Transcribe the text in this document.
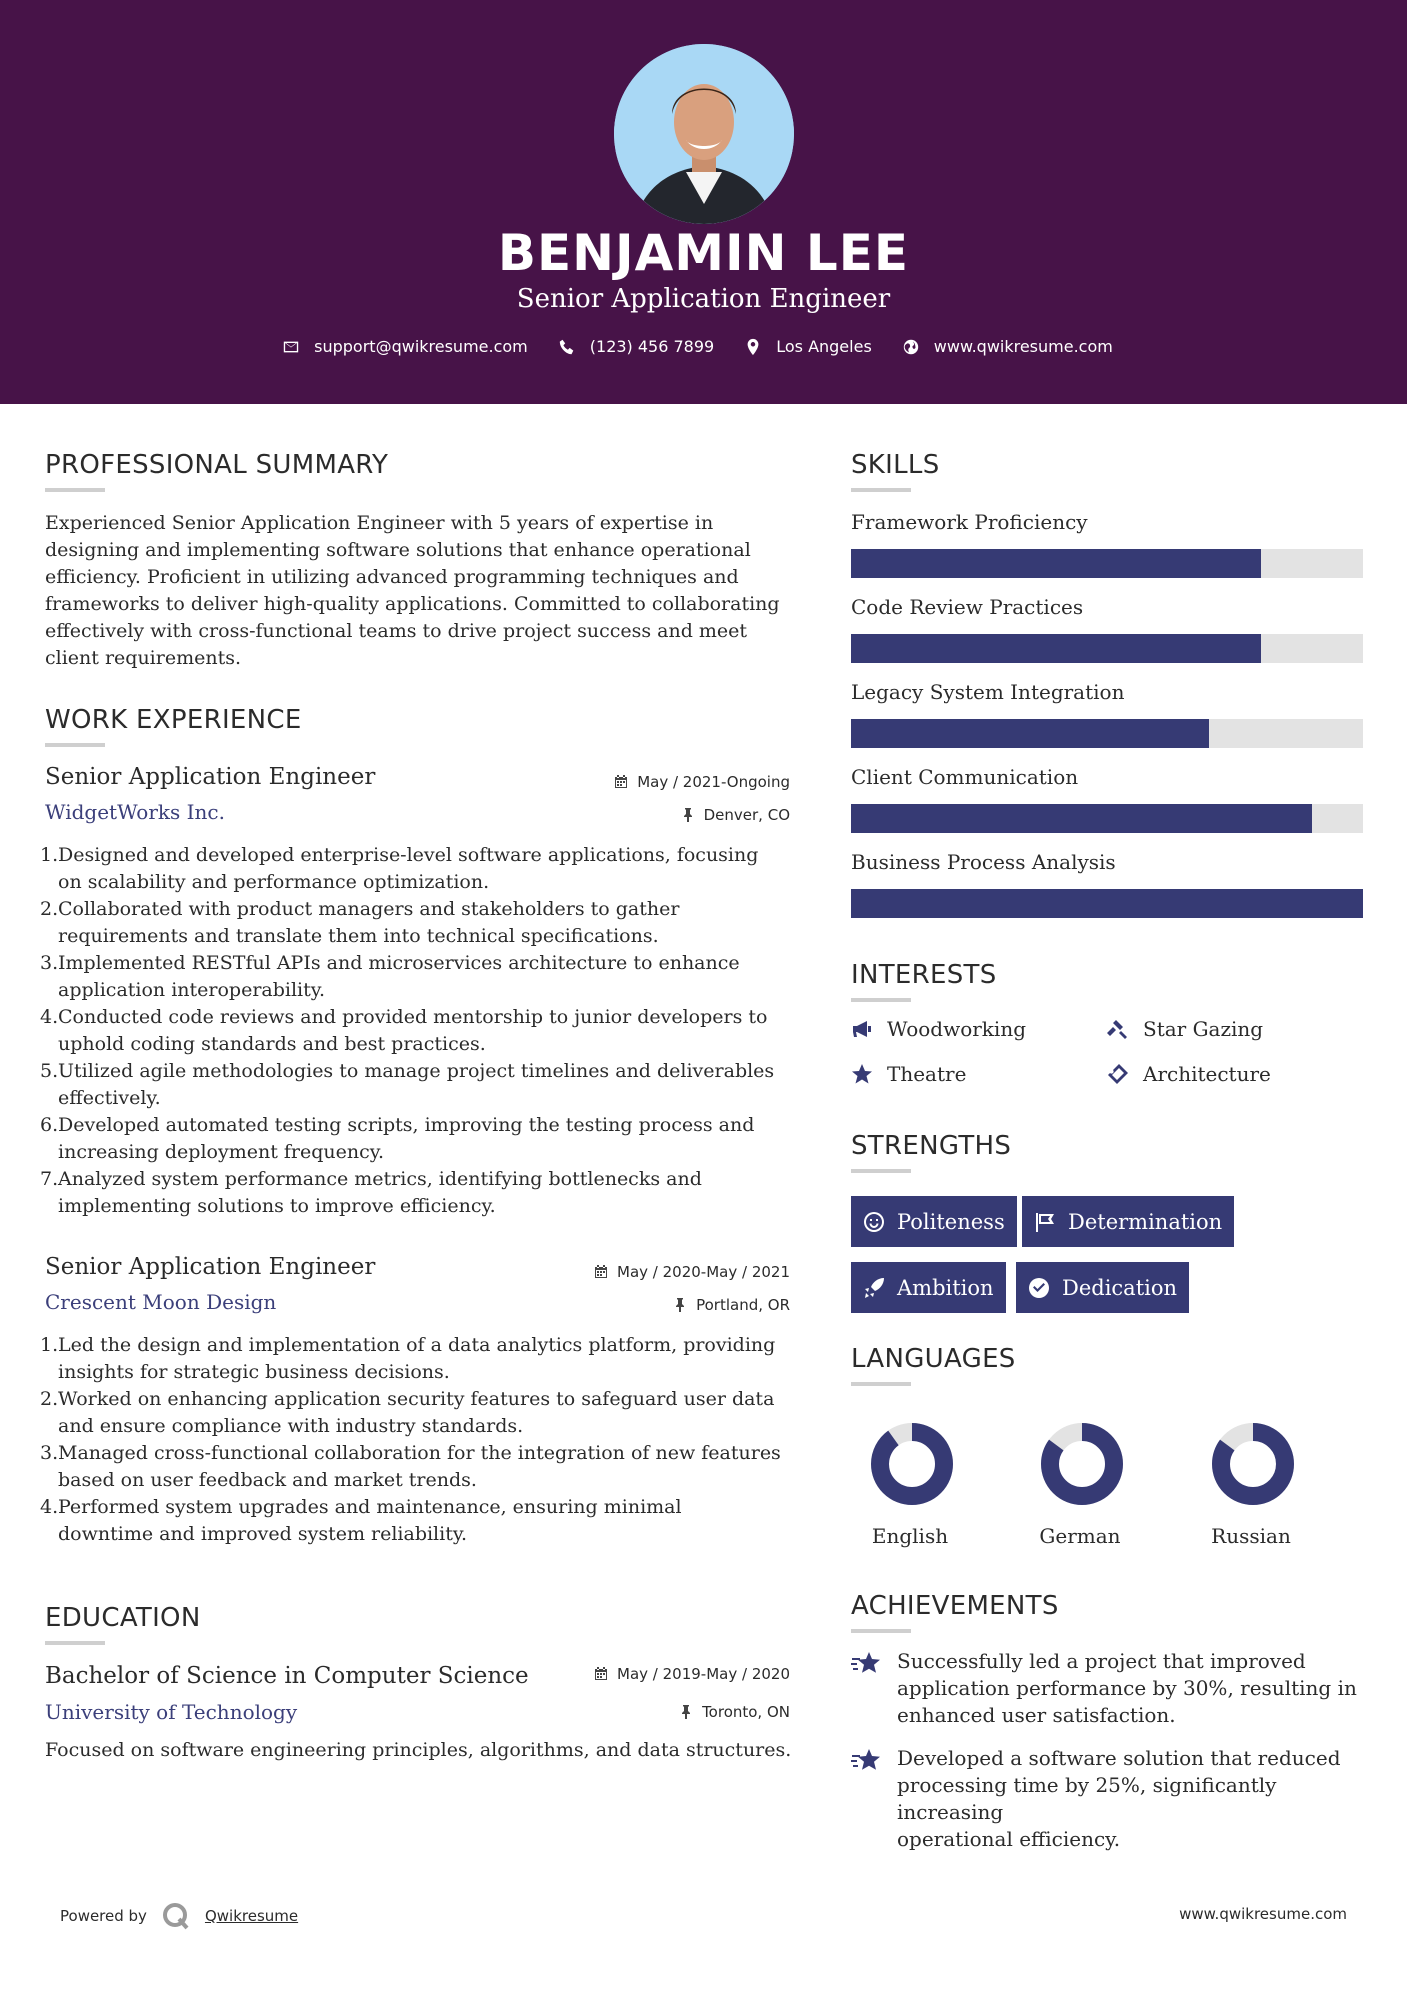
BENJAMIN LEE
Senior Application Engineer
support@qwikresume.com	(123) 456 7899	Los Angeles	www.qwikresume.com
PROFESSIONAL SUMMARY
Experienced Senior Application Engineer with 5 years of expertise in
designing and implementing software solutions that enhance operational
efficiency. Proficient in utilizing advanced programming techniques and
frameworks to deliver high-quality applications. Committed to collaborating
effectively with cross-functional teams to drive project success and meet
client requirements.
WORK EXPERIENCE
Senior Application Engineer	May / 2021-Ongoing
WidgetWorks Inc.	Denver, CO
1. Designed and developed enterprise-level software applications, focusing
on scalability and performance optimization.
2. Collaborated with product managers and stakeholders to gather
requirements and translate them into technical specifications.
3. Implemented RESTful APIs and microservices architecture to enhance
application interoperability.
4. Conducted code reviews and provided mentorship to junior developers to
uphold coding standards and best practices.
5. Utilized agile methodologies to manage project timelines and deliverables
effectively.
6. Developed automated testing scripts, improving the testing process and
increasing deployment frequency.
7. Analyzed system performance metrics, identifying bottlenecks and
implementing solutions to improve efficiency.
Senior Application Engineer	May / 2020-May / 2021
Crescent Moon Design	Portland, OR
1. Led the design and implementation of a data analytics platform, providing
insights for strategic business decisions.
2. Worked on enhancing application security features to safeguard user data
and ensure compliance with industry standards.
3. Managed cross-functional collaboration for the integration of new features
based on user feedback and market trends.
4. Performed system upgrades and maintenance, ensuring minimal
downtime and improved system reliability.
EDUCATION
Bachelor of Science in Computer Science	May / 2019-May / 2020
University of Technology	Toronto, ON
Focused on software engineering principles, algorithms, and data structures.
SKILLS
Framework Proficiency
Code Review Practices
Legacy System Integration
Client Communication
Business Process Analysis
INTERESTS
Woodworking	Star Gazing
Theatre	Architecture
STRENGTHS
Politeness	Determination
Ambition	Dedication
LANGUAGES
English	German	Russian
ACHIEVEMENTS
Successfully led a project that improved
application performance by 30%, resulting in
enhanced user satisfaction.
Developed a software solution that reduced
processing time by 25%, significantly increasing
operational efficiency.
Powered by	Qwikresume	www.qwikresume.com
